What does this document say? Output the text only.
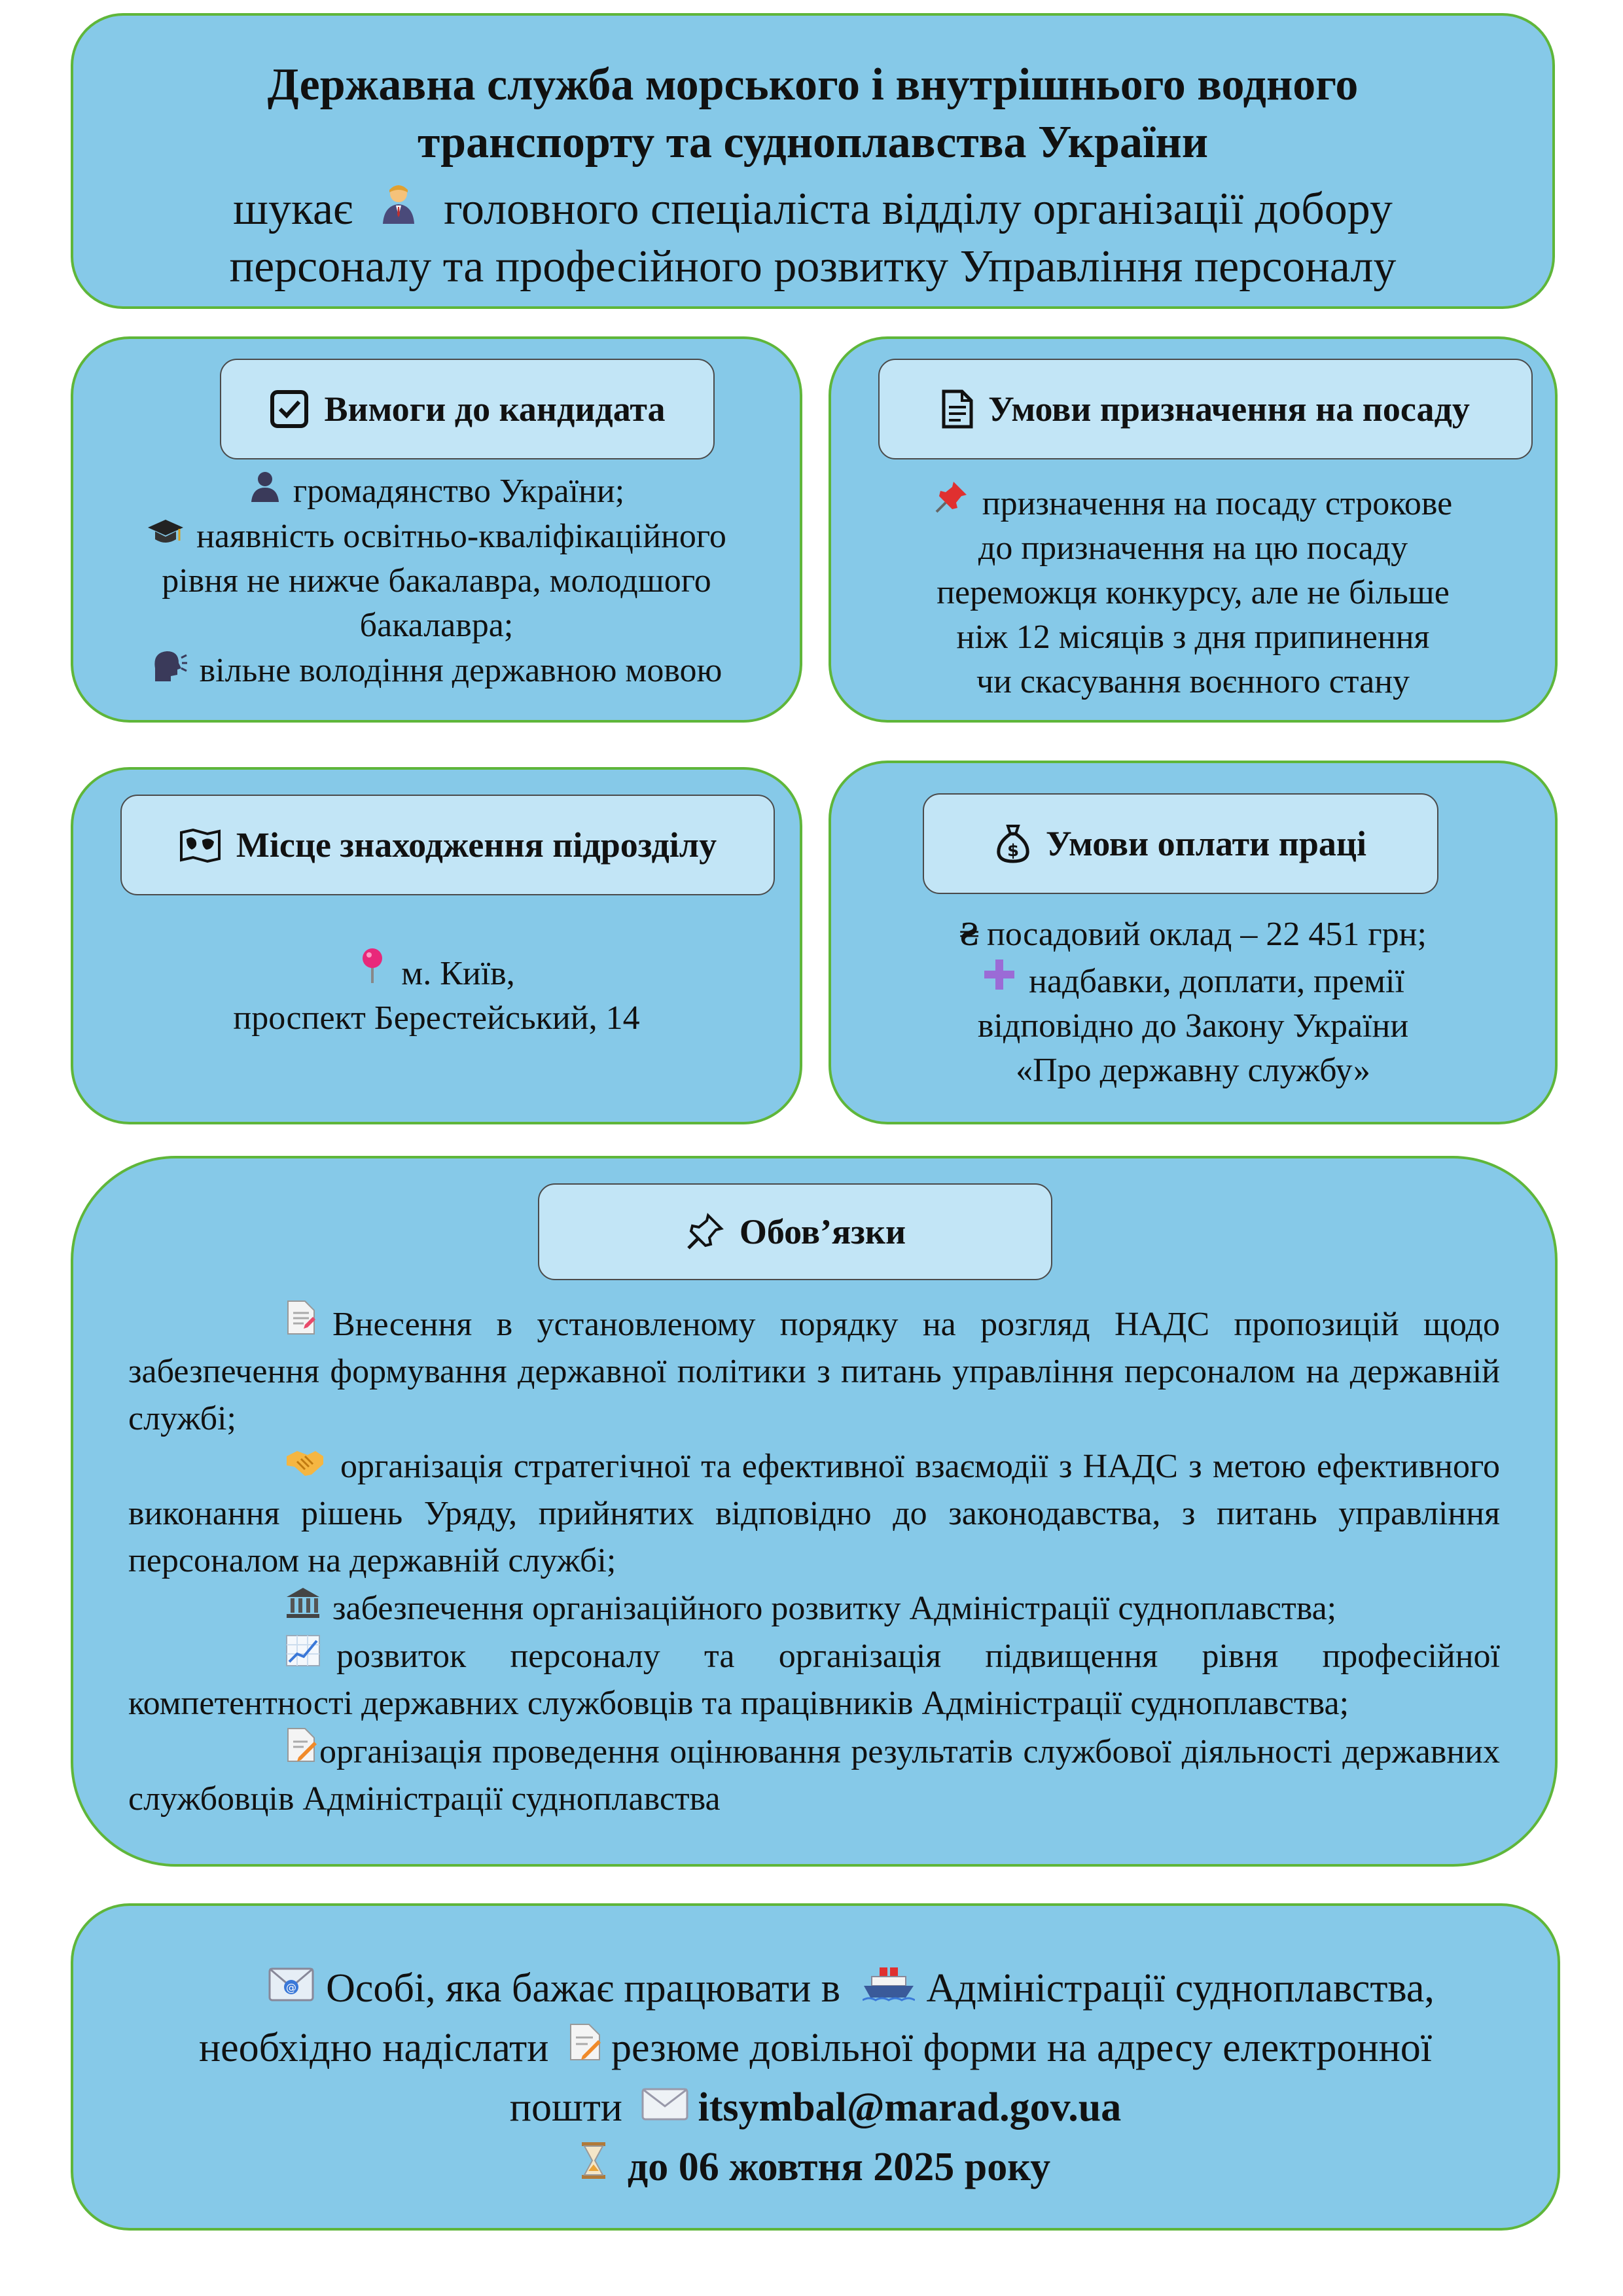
Державна служба морського і внутрішнього водного
транспорту та судноплавства України
шукає головного спеціаліста відділу організації добору
персоналу та професійного розвитку Управління персоналу
Вимоги до кандидата
громадянство України;
наявність освітньо-кваліфікаційного
рівня не нижче бакалавра, молодшого
бакалавра;
вільне володіння державною мовою
Умови призначення на посаду
призначення на посаду строкове
до призначення на цю посаду
переможця конкурсу, але не більше
ніж 12 місяців з дня припинення
чи скасування воєнного стану
Місце знаходження підрозділу
м. Київ,
проспект Берестейський, 14
$ Умови оплати праці
₴ посадовий оклад – 22 451 грн;
надбавки, доплати, премії
відповідно до Закону України
«Про державну службу»
Обов’язки

Внесення в установленому порядку на розгляд НАДС пропозицій щодо забезпечення формування державної політики з питань управління персоналом на державній службі;

організація стратегічної та ефективної взаємодії з НАДС з метою ефективного виконання рішень Уряду, прийнятих відповідно до законодавства, з питань управління персоналом на державній службі;

забезпечення організаційного розвитку Адміністрації судноплавства;

розвиток персоналу та організація підвищення рівня професійної компетентності державних службовців та працівників Адміністрації судноплавства;

організація проведення оцінювання результатів службової діяльності державних службовців Адміністрації судноплавства

@ Особі, яка бажає працювати в Адміністрації судноплавства,
необхідно надіслати резюме довільної форми на адресу електронної
пошти itsymbal@marad.gov.ua
до 06 жовтня 2025 року
